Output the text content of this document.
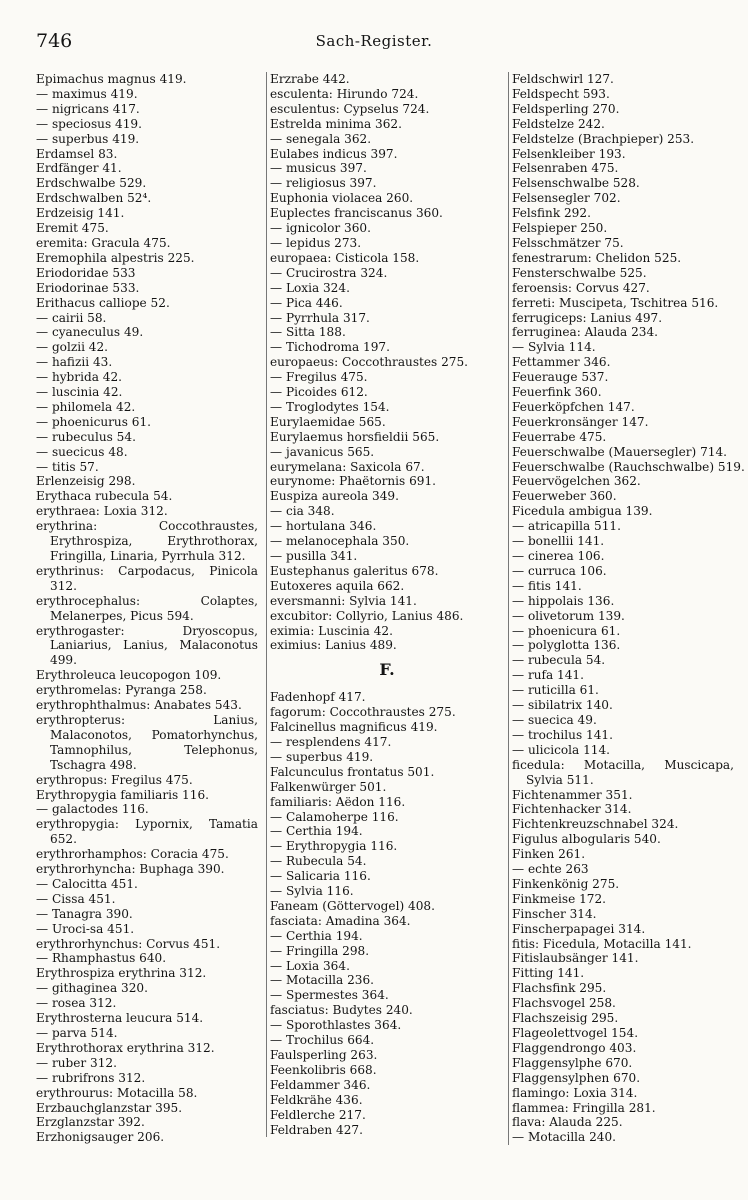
746	Sach-Register.
Epimachus magnus 419.
— maximus 419.
— nigricans 417.
— speciosus 419.
— superbus 419.
Erdamsel 83.
Erdfänger 41.
Erdschwalbe 529.
Erdschwalben 52⁴.
Erdzeisig 141.
Eremit 475.
eremita: Gracula 475.
Eremophila alpestris 225.
Eriodoridae 533
Eriodorinae 533.
Erithacus calliope 52.
— cairii 58.
— cyaneculus 49.
— golzii 42.
— hafizii 43.
— hybrida 42.
— luscinia 42.
— philomela 42.
— phoenicurus 61.
— rubeculus 54.
— suecicus 48.
— titis 57.
Erlenzeisig 298.
Erythaca rubecula 54.
erythraea: Loxia 312.
erythrina: Coccothraustes, Erythrospiza, Erythrothorax, Fringilla, Linaria, Pyrrhula 312.
erythrinus: Carpodacus, Pinicola 312.
erythrocephalus: Colaptes, Melanerpes, Picus 594.
erythrogaster: Dryoscopus, Laniarius, Lanius, Malaconotus 499.
Erythroleuca leucopogon 109.
erythromelas: Pyranga 258.
erythrophthalmus: Anabates 543.
erythropterus: Lanius, Malaconotos, Pomatorhynchus, Tamnophilus, Telephonus, Tschagra 498.
erythropus: Fregilus 475.
Erythropygia familiaris 116.
— galactodes 116.
erythropygia: Lypornix, Tamatia 652.
erythrorhamphos: Coracia 475.
erythrorhyncha: Buphaga 390.
— Calocitta 451.
— Cissa 451.
— Tanagra 390.
— Uroci-sa 451.
erythrorhynchus: Corvus 451.
— Rhamphastus 640.
Erythrospiza erythrina 312.
— githaginea 320.
— rosea 312.
Erythrosterna leucura 514.
— parva 514.
Erythrothorax erythrina 312.
— ruber 312.
— rubrifrons 312.
erythrourus: Motacilla 58.
Erzbauchglanzstar 395.
Erzglanzstar 392.
Erzhonigsauger 206.
Erzrabe 442.
esculenta: Hirundo 724.
esculentus: Cypselus 724.
Estrelda minima 362.
— senegala 362.
Eulabes indicus 397.
— musicus 397.
— religiosus 397.
Euphonia violacea 260.
Euplectes franciscanus 360.
— ignicolor 360.
— lepidus 273.
europaea: Cisticola 158.
— Crucirostra 324.
— Loxia 324.
— Pica 446.
— Pyrrhula 317.
— Sitta 188.
— Tichodroma 197.
europaeus: Coccothraustes 275.
— Fregilus 475.
— Picoides 612.
— Troglodytes 154.
Eurylaemidae 565.
Eurylaemus horsfieldii 565.
— javanicus 565.
eurymelana: Saxicola 67.
eurynome: Phaëtornis 691.
Euspiza aureola 349.
— cia 348.
— hortulana 346.
— melanocephala 350.
— pusilla 341.
Eustephanus galeritus 678.
Eutoxeres aquila 662.
eversmanni: Sylvia 141.
excubitor: Collyrio, Lanius 486.
eximia: Luscinia 42.
eximius: Lanius 489.
F.
Fadenhopf 417.
fagorum: Coccothraustes 275.
Falcinellus magnificus 419.
— resplendens 417.
— superbus 419.
Falcunculus frontatus 501.
Falkenwürger 501.
familiaris: Aëdon 116.
— Calamoherpe 116.
— Certhia 194.
— Erythropygia 116.
— Rubecula 54.
— Salicaria 116.
— Sylvia 116.
Faneam (Göttervogel) 408.
fasciata: Amadina 364.
— Certhia 194.
— Fringilla 298.
— Loxia 364.
— Motacilla 236.
— Spermestes 364.
fasciatus: Budytes 240.
— Sporothlastes 364.
— Trochilus 664.
Faulsperling 263.
Feenkolibris 668.
Feldammer 346.
Feldkrähe 436.
Feldlerche 217.
Feldraben 427.
Feldschwirl 127.
Feldspecht 593.
Feldsperling 270.
Feldstelze 242.
Feldstelze (Brachpieper) 253.
Felsenkleiber 193.
Felsenraben 475.
Felsenschwalbe 528.
Felsensegler 702.
Felsfink 292.
Felspieper 250.
Felsschmätzer 75.
fenestrarum: Chelidon 525.
Fensterschwalbe 525.
feroensis: Corvus 427.
ferreti: Muscipeta, Tschitrea 516.
ferrugiceps: Lanius 497.
ferruginea: Alauda 234.
— Sylvia 114.
Fettammer 346.
Feuerauge 537.
Feuerfink 360.
Feuerköpfchen 147.
Feuerkronsänger 147.
Feuerrabe 475.
Feuerschwalbe (Mauersegler) 714.
Feuerschwalbe (Rauchschwalbe) 519.
Feuervögelchen 362.
Feuerweber 360.
Ficedula ambigua 139.
— atricapilla 511.
— bonellii 141.
— cinerea 106.
— curruca 106.
— fitis 141.
— hippolais 136.
— olivetorum 139.
— phoenicura 61.
— polyglotta 136.
— rubecula 54.
— rufa 141.
— ruticilla 61.
— sibilatrix 140.
— suecica 49.
— trochilus 141.
— ulicicola 114.
ficedula: Motacilla, Muscicapa, Sylvia 511.
Fichtenammer 351.
Fichtenhacker 314.
Fichtenkreuzschnabel 324.
Figulus albogularis 540.
Finken 261.
— echte 263
Finkenkönig 275.
Finkmeise 172.
Finscher 314.
Finscherpapagei 314.
fitis: Ficedula, Motacilla 141.
Fitislaubsänger 141.
Fitting 141.
Flachsfink 295.
Flachsvogel 258.
Flachszeisig 295.
Flageolettvogel 154.
Flaggendrongo 403.
Flaggensylphe 670.
Flaggensylphen 670.
flamingo: Loxia 314.
flammea: Fringilla 281.
flava: Alauda 225.
— Motacilla 240.
